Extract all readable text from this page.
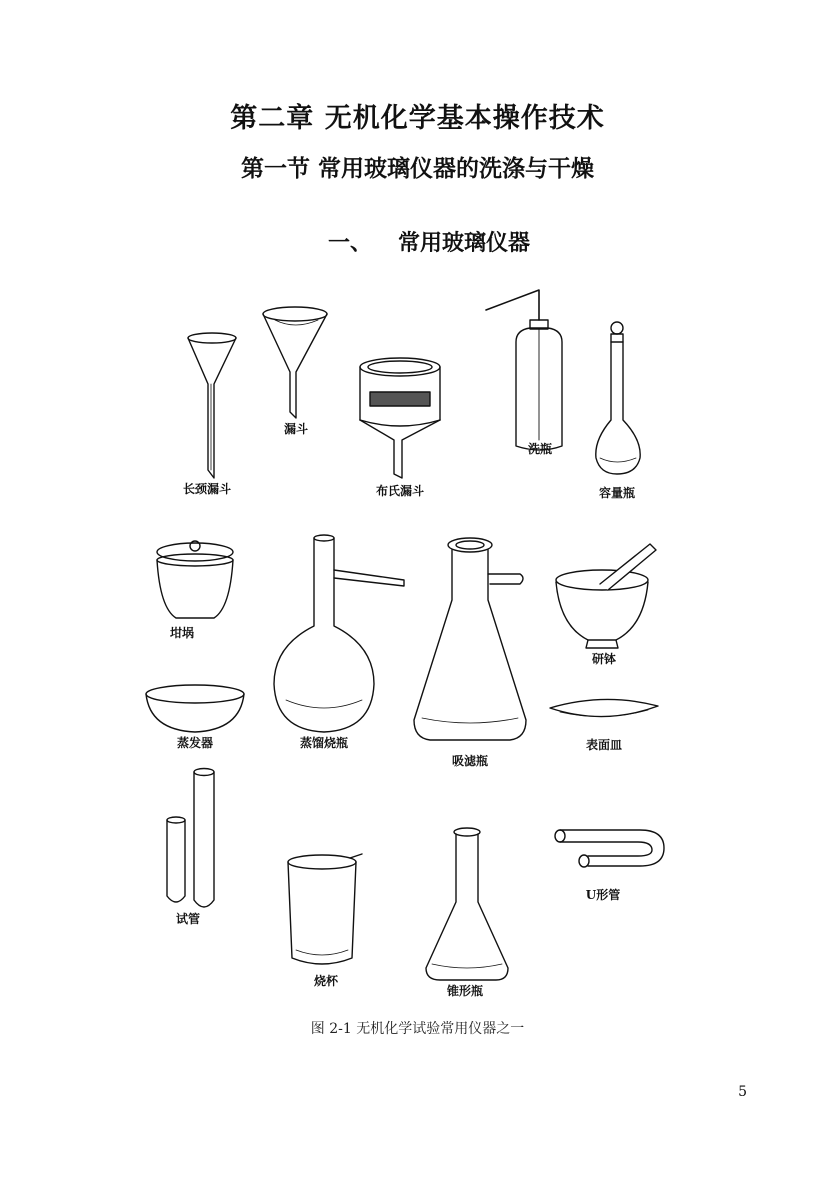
第二章 无机化学基本操作技术
第一节 常用玻璃仪器的洗涤与干燥
一、 常用玻璃仪器
长颈漏斗
漏斗
布氏漏斗
洗瓶
容量瓶
坩埚
蒸馏烧瓶
吸滤瓶
研钵
蒸发器	表面皿
试管
烧杯
锥形瓶
U形管
图 2-1 无机化学试验常用仪器之一
5
